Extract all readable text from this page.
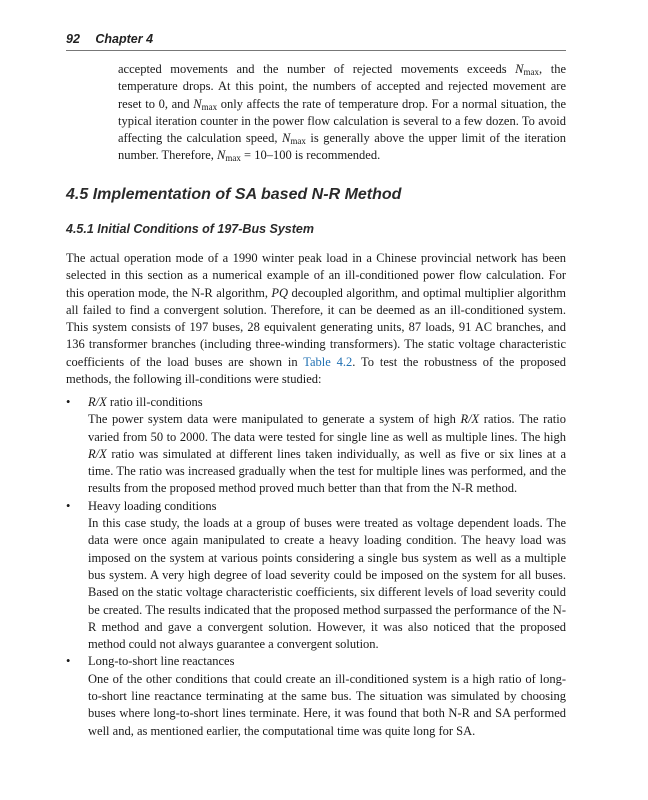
92 Chapter 4

accepted movements and the number of rejected movements exceeds $N_{max}$, the temperature drops. At this point, the numbers of accepted and rejected movement are reset to 0, and $N_{max}$ only affects the rate of temperature drop. For a normal situation, the typical iteration counter in the power flow calculation is several to a few dozen. To avoid affecting the calculation speed, $N_{max}$ is generally above the upper limit of the iteration number. Therefore, $N_{max} = 10-100$ is recommended.

4.5 Implementation of SA based N-R Method
4.5.1 Initial Conditions of 197-Bus System

The actual operation mode of a 1990 winter peak load in a Chinese provincial network has been selected in this section as a numerical example of an ill-conditioned power flow calculation. For this operation mode, the N-R algorithm, PQ decoupled algorithm, and optimal multiplier algorithm all failed to find a convergent solution. Therefore, it can be deemed as an ill-conditioned system. This system consists of 197 buses, 28 equivalent generating units, 87 loads, 91 AC branches, and 136 transformer branches (including three-winding transformers). The static voltage characteristic coefficients of the load buses are shown in Table 4.2. To test the robustness of the proposed methods, the following ill-conditions were studied:

•	R/X ratio ill-conditions

The power system data were manipulated to generate a system of high R/X ratios. The ratio varied from 50 to 2000. The data were tested for single line as well as multiple lines. The high R/X ratio was simulated at different lines taken individually, as well as five or six lines at a time. The ratio was increased gradually when the test for multiple lines was performed, and the results from the proposed method proved much better than that from the N-R method.

•	Heavy loading conditions

In this case study, the loads at a group of buses were treated as voltage dependent loads. The data were once again manipulated to create a heavy loading condition. The heavy load was imposed on the system at various points considering a single bus system as well as a multiple bus system. A very high degree of load severity could be imposed on the system for all buses. Based on the static voltage characteristic coefficients, six different levels of load severity could be created. The results indicated that the proposed method surpassed the performance of the N-R method and gave a convergent solution. However, it was also noticed that the proposed method could not always guarantee a convergent solution.

•	Long-to-short line reactances

One of the other conditions that could create an ill-conditioned system is a high ratio of long-to-short line reactance terminating at the same bus. The situation was simulated by choosing buses where long-to-short lines terminate. Here, it was found that both N-R and SA performed well and, as mentioned earlier, the computational time was quite long for SA.
